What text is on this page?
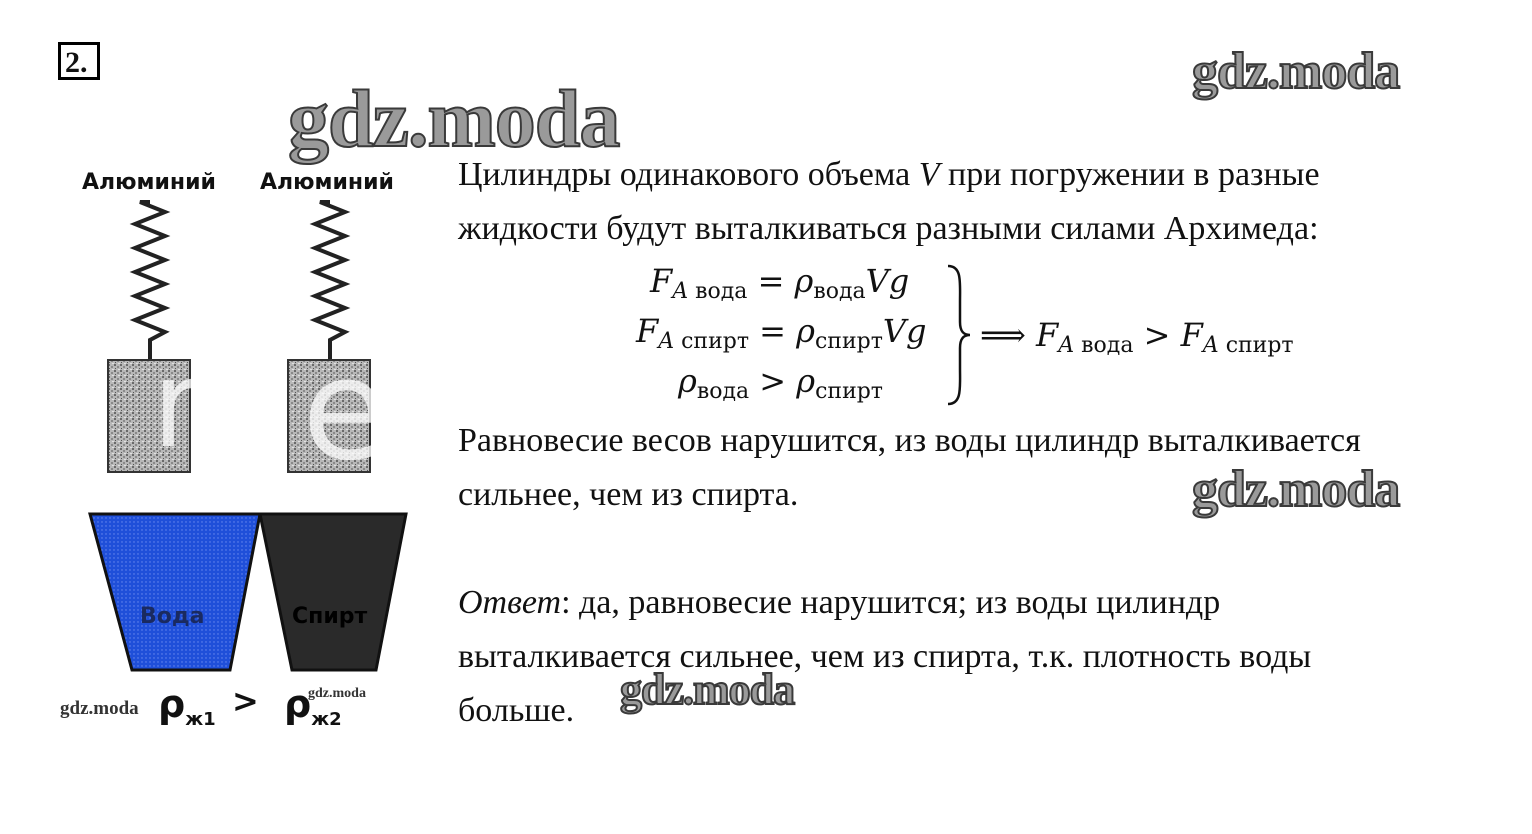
2.
gdz.moda
gdz.moda
Алюминий Алюминий
r e
Вода	Спирт
gdz.moda $\rho_{ж1} > \rho_{ж2}$
gdz.moda
Цилиндры одинакового объема V при погружении в разные
жидкости будут выталкиваться разными силами Архимеда:
$F_{A вода} = \rho_{вода}Vg$
$F_{A спирт} = \rho_{спирт}Vg$
$\rho_{вода} > \rho_{спирт}$
⟹ $F_{A вода} > F_{A спирт}$
Равновесие весов нарушится, из воды цилиндр выталкивается
сильнее, чем из спирта.	gdz.moda
Ответ: да, равновесие нарушится; из воды цилиндр
выталкивается сильнее, чем из спирта, т.к. плотность воды
больше.	gdz.moda
